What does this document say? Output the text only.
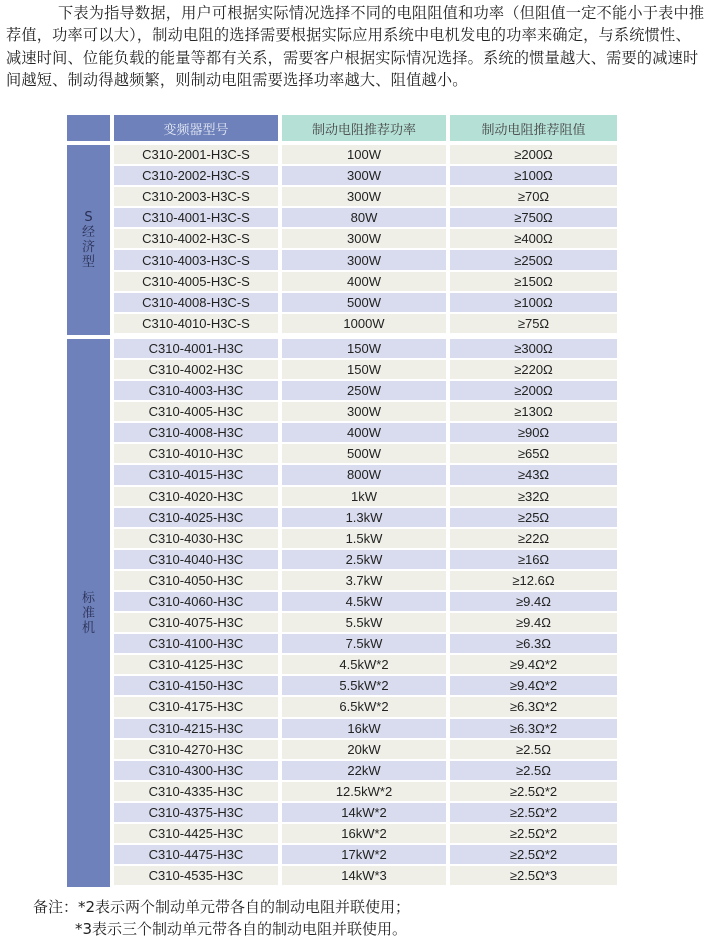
下表为指导数据，用户可根据实际情况选择不同的电阻阻值和功率（但阻值一定不能小于表中推荐值，功率可以大），制动电阻的选择需要根据实际应用系统中电机发电的功率来确定，与系统惯性、减速时间、位能负载的能量等都有关系，需要客户根据实际情况选择。系统的惯量越大、需要的减速时间越短、制动得越频繁，则制动电阻需要选择功率越大、阻值越小。

变频器型号	制动电阻推荐功率	制动电阻推荐阻值
S
经
济
型
C310-2001-H3C-S	100W	≥200Ω
C310-2002-H3C-S	300W	≥100Ω
C310-2003-H3C-S	300W	≥70Ω
C310-4001-H3C-S	80W	≥750Ω
C310-4002-H3C-S	300W	≥400Ω
C310-4003-H3C-S	300W	≥250Ω
C310-4005-H3C-S	400W	≥150Ω
C310-4008-H3C-S	500W	≥100Ω
C310-4010-H3C-S	1000W	≥75Ω
标
准
机
C310-4001-H3C	150W	≥300Ω
C310-4002-H3C	150W	≥220Ω
C310-4003-H3C	250W	≥200Ω
C310-4005-H3C	300W	≥130Ω
C310-4008-H3C	400W	≥90Ω
C310-4010-H3C	500W	≥65Ω
C310-4015-H3C	800W	≥43Ω
C310-4020-H3C	1kW	≥32Ω
C310-4025-H3C	1.3kW	≥25Ω
C310-4030-H3C	1.5kW	≥22Ω
C310-4040-H3C	2.5kW	≥16Ω
C310-4050-H3C	3.7kW	≥12.6Ω
C310-4060-H3C	4.5kW	≥9.4Ω
C310-4075-H3C	5.5kW	≥9.4Ω
C310-4100-H3C	7.5kW	≥6.3Ω
C310-4125-H3C	4.5kW*2	≥9.4Ω*2
C310-4150-H3C	5.5kW*2	≥9.4Ω*2
C310-4175-H3C	6.5kW*2	≥6.3Ω*2
C310-4215-H3C	16kW	≥6.3Ω*2
C310-4270-H3C	20kW	≥2.5Ω
C310-4300-H3C	22kW	≥2.5Ω
C310-4335-H3C	12.5kW*2	≥2.5Ω*2
C310-4375-H3C	14kW*2	≥2.5Ω*2
C310-4425-H3C	16kW*2	≥2.5Ω*2
C310-4475-H3C	17kW*2	≥2.5Ω*2
C310-4535-H3C	14kW*3	≥2.5Ω*3
备注：*2表示两个制动单元带各自的制动电阻并联使用；
*3表示三个制动单元带各自的制动电阻并联使用。
